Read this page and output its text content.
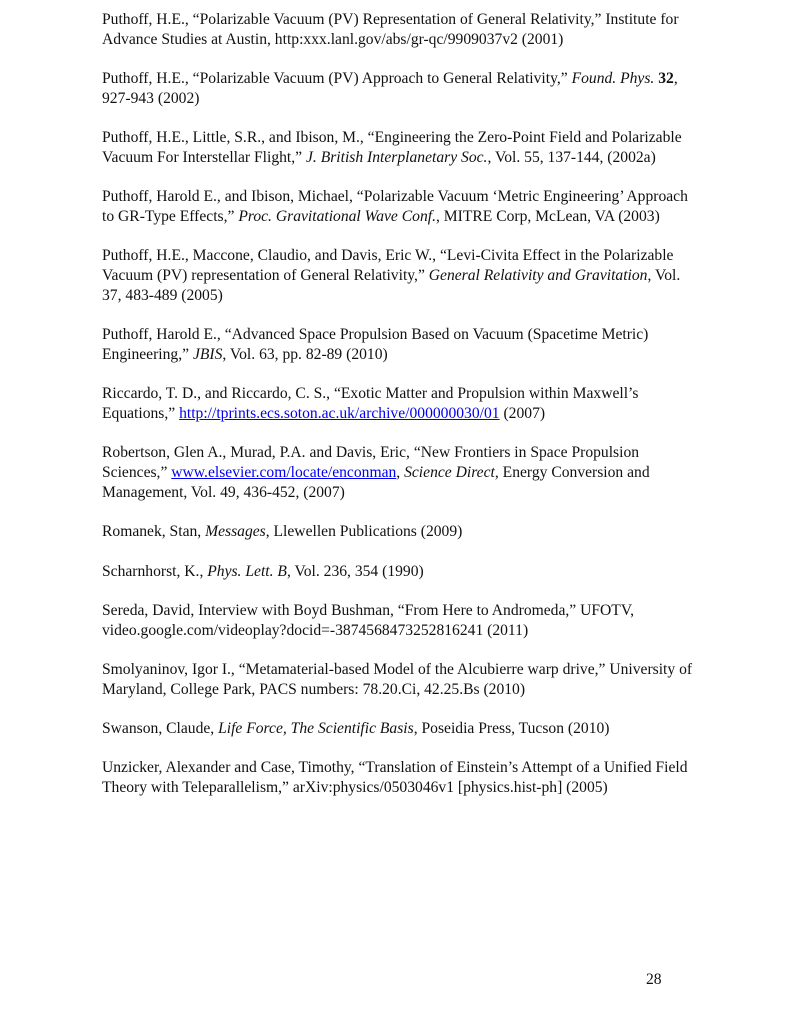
Puthoff, H.E., “Polarizable Vacuum (PV) Representation of General Relativity,” Institute for Advance Studies at Austin, http:xxx.lanl.gov/abs/gr-qc/9909037v2 (2001)
Puthoff, H.E., “Polarizable Vacuum (PV) Approach to General Relativity,” Found. Phys. 32, 927-943 (2002)
Puthoff, H.E., Little, S.R., and Ibison, M., “Engineering the Zero-Point Field and Polarizable Vacuum For Interstellar Flight,” J. British Interplanetary Soc., Vol. 55, 137-144, (2002a)
Puthoff, Harold E., and Ibison, Michael, “Polarizable Vacuum ‘Metric Engineering’ Approach to GR-Type Effects,” Proc. Gravitational Wave Conf., MITRE Corp, McLean, VA (2003)
Puthoff, H.E., Maccone, Claudio, and Davis, Eric W., “Levi-Civita Effect in the Polarizable Vacuum (PV) representation of General Relativity,” General Relativity and Gravitation, Vol. 37, 483-489 (2005)
Puthoff, Harold E., “Advanced Space Propulsion Based on Vacuum (Spacetime Metric) Engineering,” JBIS, Vol. 63, pp. 82-89 (2010)
Riccardo, T. D., and Riccardo, C. S., “Exotic Matter and Propulsion within Maxwell’s Equations,” http://tprints.ecs.soton.ac.uk/archive/000000030/01 (2007)
Robertson, Glen A., Murad, P.A. and Davis, Eric, “New Frontiers in Space Propulsion Sciences,” www.elsevier.com/locate/enconman, Science Direct, Energy Conversion and Management, Vol. 49, 436-452, (2007)
Romanek, Stan, Messages, Llewellen Publications (2009)
Scharnhorst, K., Phys. Lett. B, Vol. 236, 354 (1990)
Sereda, David, Interview with Boyd Bushman, “From Here to Andromeda,” UFOTV, video.google.com/videoplay?docid=-3874568473252816241 (2011)
Smolyaninov, Igor I., “Metamaterial-based Model of the Alcubierre warp drive,” University of Maryland, College Park, PACS numbers: 78.20.Ci, 42.25.Bs (2010)
Swanson, Claude, Life Force, The Scientific Basis, Poseidia Press, Tucson (2010)
Unzicker, Alexander and Case, Timothy, “Translation of Einstein’s Attempt of a Unified Field Theory with Teleparallelism,” arXiv:physics/0503046v1 [physics.hist-ph] (2005)
28
